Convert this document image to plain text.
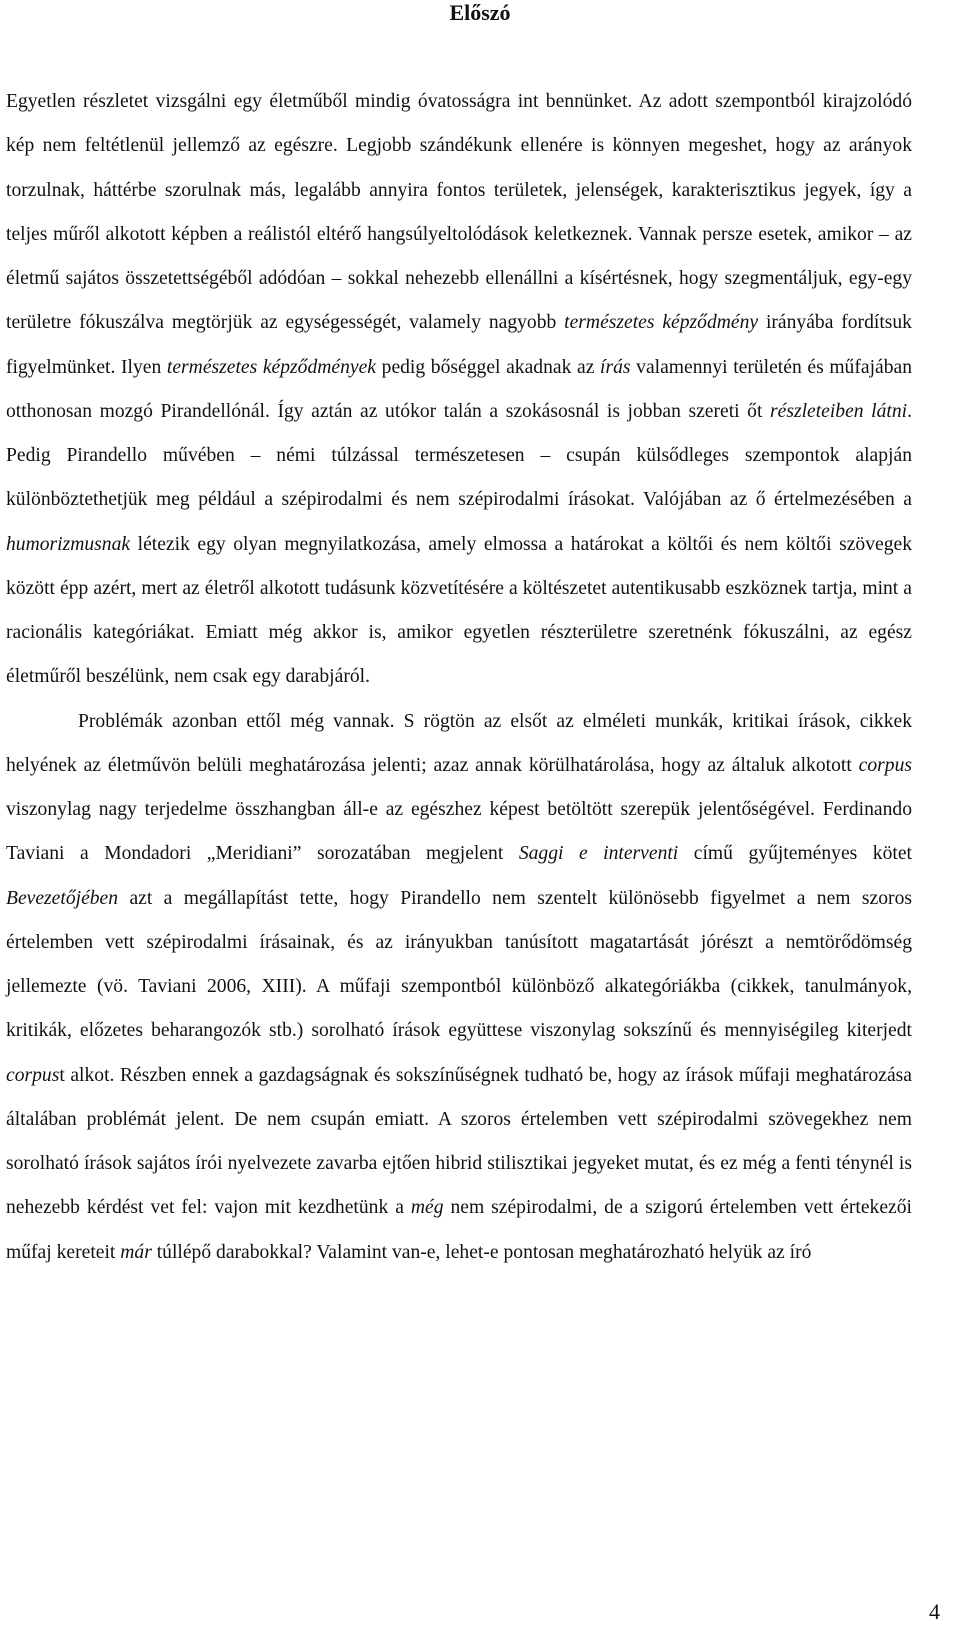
Előszó

Egyetlen részletet vizsgálni egy életműből mindig óvatosságra int bennünket. Az adott szempontból kirajzolódó kép nem feltétlenül jellemző az egészre. Legjobb szándékunk ellenére is könnyen megeshet, hogy az arányok torzulnak, háttérbe szorulnak más, legalább annyira fontos területek, jelenségek, karakterisztikus jegyek, így a teljes műről alkotott képben a reálistól eltérő hangsúlyeltolódások keletkeznek. Vannak persze esetek, amikor – az életmű sajátos összetettségéből adódóan – sokkal nehezebb ellenállni a kísértésnek, hogy szegmentáljuk, egy-egy területre fókuszálva megtörjük az egységességét, valamely nagyobb természetes képződmény irányába fordítsuk figyelmünket. Ilyen természetes képződmények pedig bőséggel akadnak az írás valamennyi területén és műfajában otthonosan mozgó Pirandellónál. Így aztán az utókor talán a szokásosnál is jobban szereti őt részleteiben látni. Pedig Pirandello művében – némi túlzással természetesen – csupán külsődleges szempontok alapján különböztethetjük meg például a szépirodalmi és nem szépirodalmi írásokat. Valójában az ő értelmezésében a humorizmusnak létezik egy olyan megnyilatkozása, amely elmossa a határokat a költői és nem költői szövegek között épp azért, mert az életről alkotott tudásunk közvetítésére a költészetet autentikusabb eszköznek tartja, mint a racionális kategóriákat. Emiatt még akkor is, amikor egyetlen részterületre szeretnénk fókuszálni, az egész életműről beszélünk, nem csak egy darabjáról.

Problémák azonban ettől még vannak. S rögtön az elsőt az elméleti munkák, kritikai írások, cikkek helyének az életművön belüli meghatározása jelenti; azaz annak körülhatárolása, hogy az általuk alkotott corpus viszonylag nagy terjedelme összhangban áll-e az egészhez képest betöltött szerepük jelentőségével. Ferdinando Taviani a Mondadori „Meridiani” sorozatában megjelent Saggi e interventi című gyűjteményes kötet Bevezetőjében azt a megállapítást tette, hogy Pirandello nem szentelt különösebb figyelmet a nem szoros értelemben vett szépirodalmi írásainak, és az irányukban tanúsított magatartását jórészt a nemtörődömség jellemezte (vö. Taviani 2006, XIII). A műfaji szempontból különböző alkategóriákba (cikkek, tanulmányok, kritikák, előzetes beharangozók stb.) sorolható írások együttese viszonylag sokszínű és mennyiségileg kiterjedt corpust alkot. Részben ennek a gazdagságnak és sokszínűségnek tudható be, hogy az írások műfaji meghatározása általában problémát jelent. De nem csupán emiatt. A szoros értelemben vett szépirodalmi szövegekhez nem sorolható írások sajátos írói nyelvezete zavarba ejtően hibrid stilisztikai jegyeket mutat, és ez még a fenti ténynél is nehezebb kérdést vet fel: vajon mit kezdhetünk a még nem szépirodalmi, de a szigorú értelemben vett értekezői műfaj kereteit már túllépő darabokkal? Valamint van-e, lehet-e pontosan meghatározható helyük az író

4
